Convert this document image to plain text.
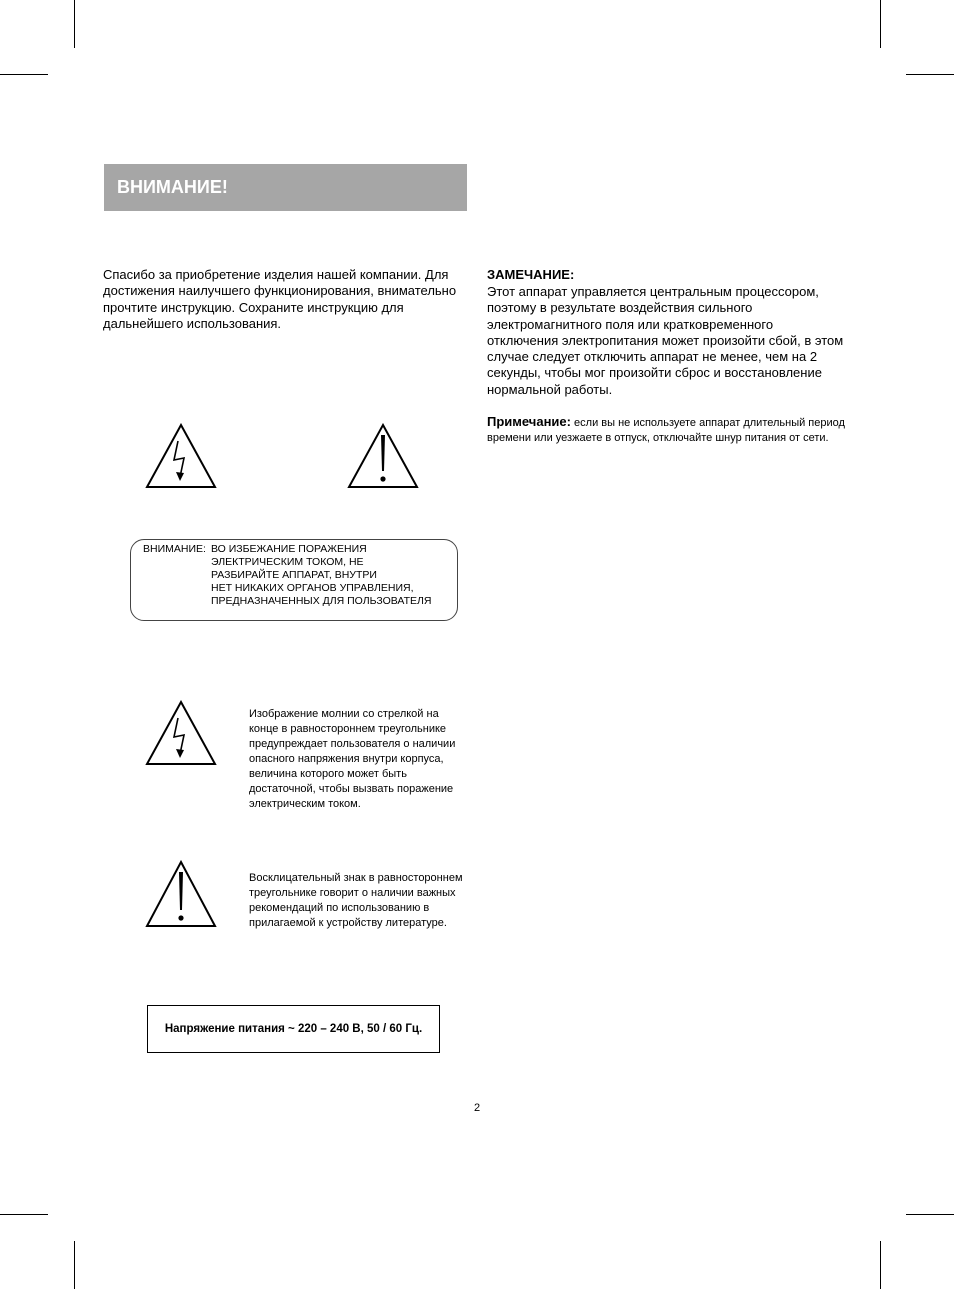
ВНИМАНИЕ!

Спасибо за приобретение изделия нашей компании. Для достижения наилучшего функционирования, внимательно прочтите инструкцию. Сохраните инструкцию для дальнейшего использования.

ЗАМЕЧАНИЕ:

Этот аппарат управляется центральным процессором, поэтому в результате воздействия сильного электромагнитного поля или кратковременного отключения электропитания может произойти сбой, в этом случае следует отключить аппарат не менее, чем на 2 секунды, чтобы мог произойти сброс и восстановление нормальной работы.

Примечание: если вы не используете аппарат длительный период времени или уезжаете в отпуск, отключайте шнур питания от сети.

ВНИМАНИЕ: ВО ИЗБЕЖАНИЕ ПОРАЖЕНИЯ
ЭЛЕКТРИЧЕСКИМ ТОКОМ, НЕ
РАЗБИРАЙТЕ АППАРАТ, ВНУТРИ
НЕТ НИКАКИХ ОРГАНОВ УПРАВЛЕНИЯ,
ПРЕДНАЗНАЧЕННЫХ ДЛЯ ПОЛЬЗОВАТЕЛЯ

Изображение молнии со стрелкой на конце в равностороннем треугольнике предупреждает пользователя о наличии опасного напряжения внутри корпуса, величина которого может быть достаточной, чтобы вызвать поражение электрическим током.

Восклицательный знак в равностороннем треугольнике говорит о наличии важных рекомендаций по использованию в прилагаемой к устройству литературе.

Напряжение питания ~ 220 – 240 В, 50 / 60 Гц.
2
